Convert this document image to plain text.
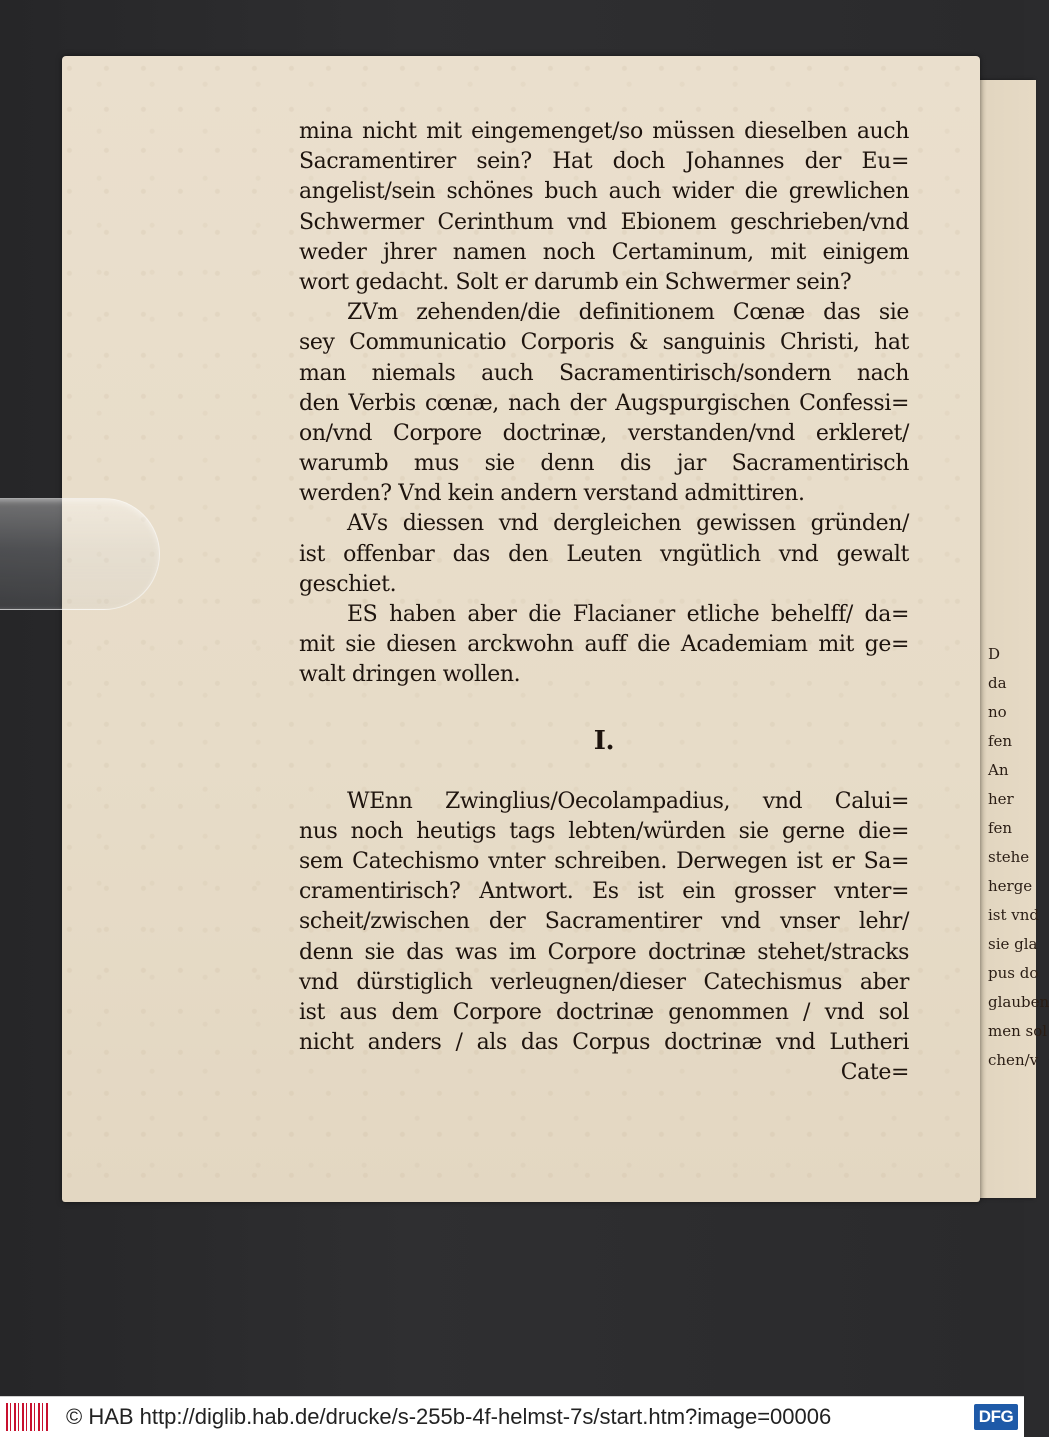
D
da
no
fen
An
her
fen
stehe
herge
ist vnd
sie gla
pus do
glauben
men sol
chen/v
mina nicht mit eingemenget/so müssen dieselben auch
Sacramentirer sein? Hat doch Johannes der Eu=
angelist/sein schönes buch auch wider die grewlichen
Schwermer Cerinthum vnd Ebionem geschrieben/vnd
weder jhrer namen noch Certaminum, mit einigem
wort gedacht. Solt er darumb ein Schwermer sein?
ZVm zehenden/die definitionem Cœnæ das sie
sey Communicatio Corporis & sanguinis Christi, hat
man niemals auch Sacramentirisch/sondern nach
den Verbis cœnæ, nach der Augspurgischen Confessi=
on/vnd Corpore doctrinæ, verstanden/vnd erkleret/
warumb mus sie denn dis jar Sacramentirisch
werden? Vnd kein andern verstand admittiren.
AVs diessen vnd dergleichen gewissen gründen/
ist offenbar das den Leuten vngütlich vnd gewalt
geschiet.
ES haben aber die Flacianer etliche behelff/ da=
mit sie diesen arckwohn auff die Academiam mit ge=
walt dringen wollen.
I.
WEnn Zwinglius/Oecolampadius, vnd Calui=
nus noch heutigs tags lebten/würden sie gerne die=
sem Catechismo vnter schreiben. Derwegen ist er Sa=
cramentirisch? Antwort. Es ist ein grosser vnter=
scheit/zwischen der Sacramentirer vnd vnser lehr/
denn sie das was im Corpore doctrinæ stehet/stracks
vnd dürstiglich verleugnen/dieser Catechismus aber
ist aus dem Corpore doctrinæ genommen / vnd sol
nicht anders / als das Corpus doctrinæ vnd Lutheri
Cate=
© HAB http://diglib.hab.de/drucke/s-255b-4f-helmst-7s/start.htm?image=00006	DFG
